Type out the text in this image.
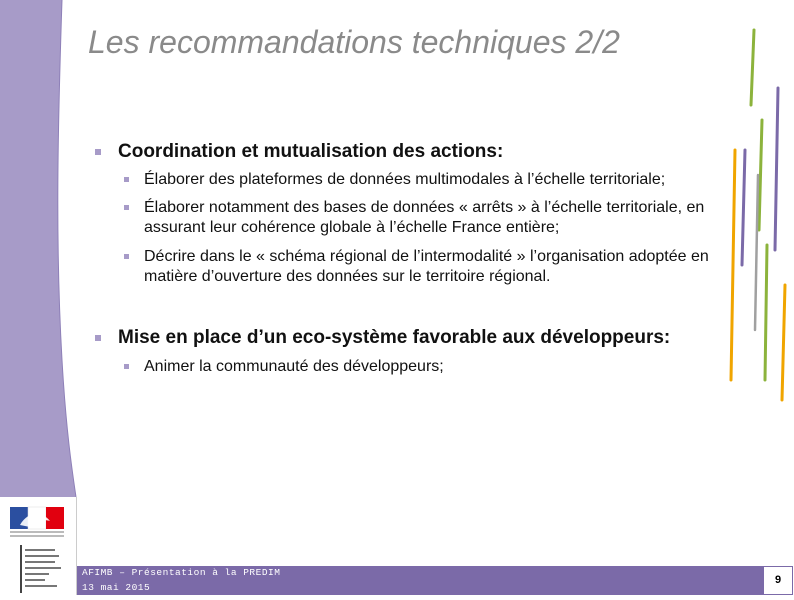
Les recommandations techniques 2/2
Coordination et mutualisation des actions:
Élaborer des plateformes de données multimodales à l’échelle territoriale;
Élaborer notamment des bases de données « arrêts » à l’échelle territoriale, en assurant leur cohérence globale à l’échelle France entière;
Décrire dans le « schéma régional de l’intermodalité » l’organisation adoptée en matière d’ouverture des données sur le territoire régional.
Mise en place d’un eco-système favorable aux développeurs:
Animer la communauté des développeurs;
AFIMB – Présentation à la PREDIM
13 mai 2015
9
